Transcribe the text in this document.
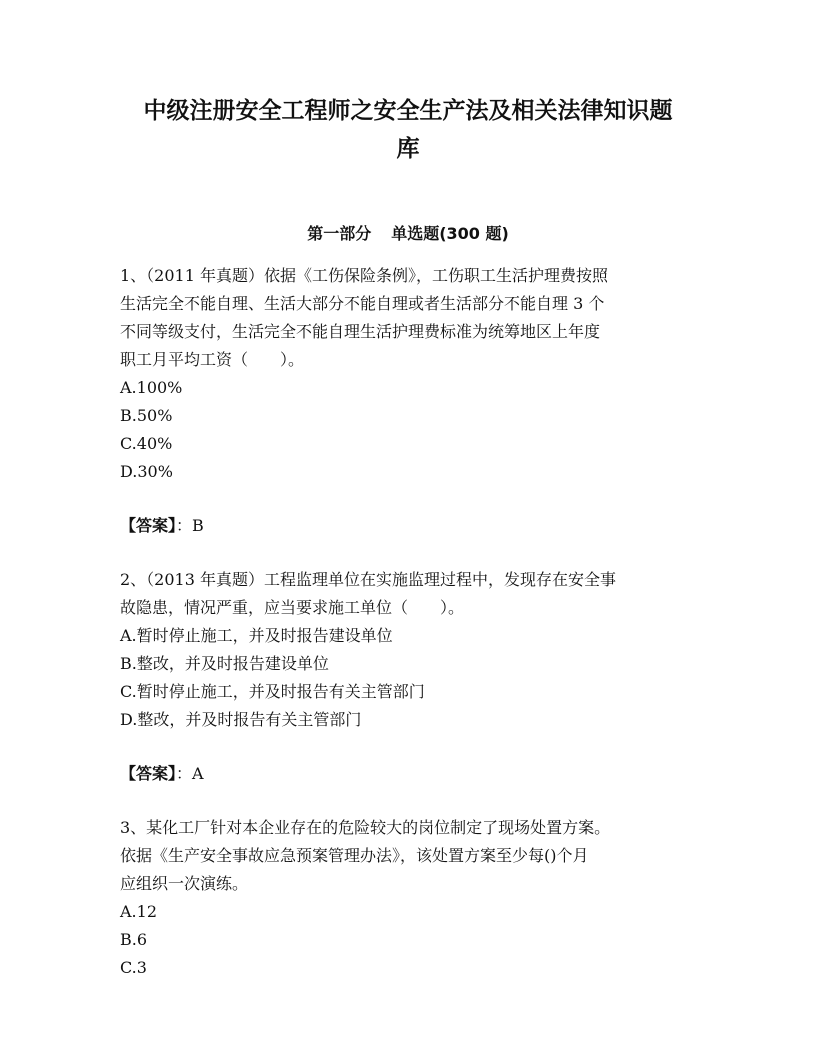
中级注册安全工程师之安全生产法及相关法律知识题
库
第一部分 单选题(300 题)
1、（2011 年真题）依据《工伤保险条例》，工伤职工生活护理费按照
生活完全不能自理、生活大部分不能自理或者生活部分不能自理 3 个
不同等级支付，生活完全不能自理生活护理费标准为统筹地区上年度
职工月平均工资（　　）。
A.100%
B.50%
C.40%
D.30%
【答案】：B
2、（2013 年真题）工程监理单位在实施监理过程中，发现存在安全事
故隐患，情况严重，应当要求施工单位（　　）。
A.暂时停止施工，并及时报告建设单位
B.整改，并及时报告建设单位
C.暂时停止施工，并及时报告有关主管部门
D.整改，并及时报告有关主管部门
【答案】：A
3、某化工厂针对本企业存在的危险较大的岗位制定了现场处置方案。
依据《生产安全事故应急预案管理办法》，该处置方案至少每()个月
应组织一次演练。
A.12
B.6
C.3
